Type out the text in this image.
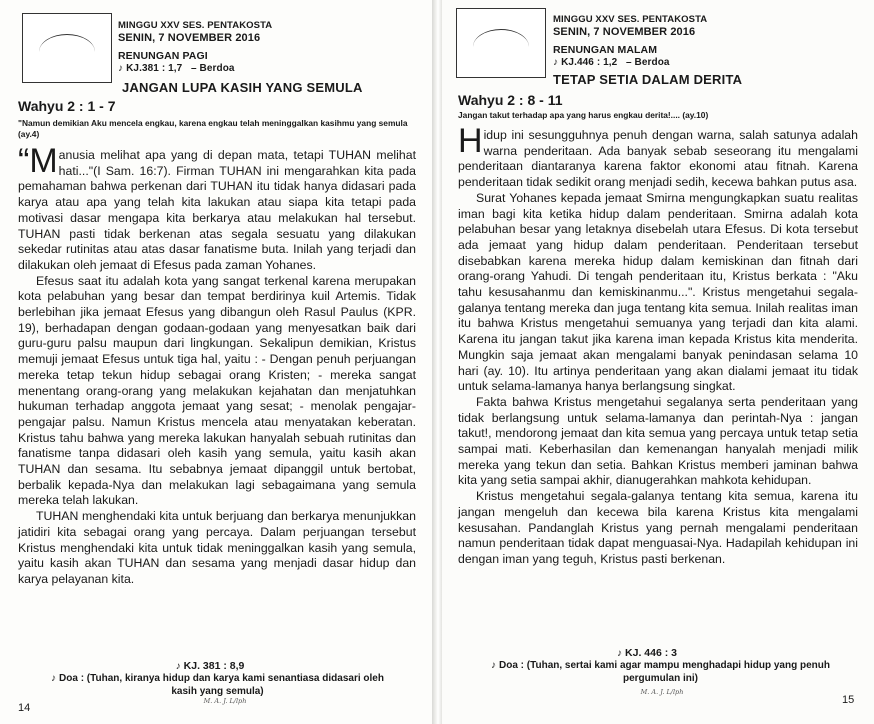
MINGGU XXV SES. PENTAKOSTA
SENIN, 7 NOVEMBER 2016
RENUNGAN PAGI
♪ KJ.381 : 1,7 – Berdoa
JANGAN LUPA KASIH YANG SEMULA
Wahyu 2 : 1 - 7
"Namun demikian Aku mencela engkau, karena engkau telah meninggalkan kasihmu yang semula (ay.4)

“Manusia melihat apa yang di depan mata, tetapi TUHAN melihat hati..."(I Sam. 16:7). Firman TUHAN ini mengarahkan kita pada pemahaman bahwa perkenan dari TUHAN itu tidak hanya didasari pada karya atau apa yang telah kita lakukan atau siapa kita tetapi pada motivasi dasar mengapa kita berkarya atau melakukan hal tersebut. TUHAN pasti tidak berkenan atas segala sesuatu yang dilakukan sekedar rutinitas atau atas dasar fanatisme buta. Inilah yang terjadi dan dilakukan oleh jemaat di Efesus pada zaman Yohanes.

Efesus saat itu adalah kota yang sangat terkenal karena merupakan kota pelabuhan yang besar dan tempat berdirinya kuil Artemis. Tidak berlebihan jika jemaat Efesus yang dibangun oleh Rasul Paulus (KPR. 19), berhadapan dengan godaan-godaan yang menyesatkan baik dari guru-guru palsu maupun dari lingkungan. Sekalipun demikian, Kristus memuji jemaat Efesus untuk tiga hal, yaitu : - Dengan penuh perjuangan mereka tetap tekun hidup sebagai orang Kristen; - mereka sangat menentang orang-orang yang melakukan kejahatan dan menjatuhkan hukuman terhadap anggota jemaat yang sesat; - menolak pengajar-pengajar palsu. Namun Kristus mencela atau menyatakan keberatan. Kristus tahu bahwa yang mereka lakukan hanyalah sebuah rutinitas dan fanatisme tanpa didasari oleh kasih yang semula, yaitu kasih akan TUHAN dan sesama. Itu sebabnya jemaat dipanggil untuk bertobat, berbalik kepada-Nya dan melakukan lagi sebagaimana yang semula mereka telah lakukan.

TUHAN menghendaki kita untuk berjuang dan berkarya menunjukkan jatidiri kita sebagai orang yang percaya. Dalam perjuangan tersebut Kristus menghendaki kita untuk tidak meninggalkan kasih yang semula, yaitu kasih akan TUHAN dan sesama yang menjadi dasar hidup dan karya pelayanan kita.

♪ KJ. 381 : 8,9
♪ Doa : (Tuhan, kiranya hidup dan karya kami senantiasa didasari oleh
kasih yang semula)
M. A. J. L/lph
14
MINGGU XXV SES. PENTAKOSTA
SENIN, 7 NOVEMBER 2016
RENUNGAN MALAM
♪ KJ.446 : 1,2 – Berdoa
TETAP SETIA DALAM DERITA
Wahyu 2 : 8 - 11
Jangan takut terhadap apa yang harus engkau derita!.... (ay.10)

Hidup ini sesungguhnya penuh dengan warna, salah satunya adalah warna penderitaan. Ada banyak sebab seseorang itu mengalami penderitaan diantaranya karena faktor ekonomi atau fitnah. Karena penderitaan tidak sedikit orang menjadi sedih, kecewa bahkan putus asa.

Surat Yohanes kepada jemaat Smirna mengungkapkan suatu realitas iman bagi kita ketika hidup dalam penderitaan. Smirna adalah kota pelabuhan besar yang letaknya disebelah utara Efesus. Di kota tersebut ada jemaat yang hidup dalam penderitaan. Penderitaan tersebut disebabkan karena mereka hidup dalam kemiskinan dan fitnah dari orang-orang Yahudi. Di tengah penderitaan itu, Kristus berkata : "Aku tahu kesusahanmu dan kemiskinanmu...". Kristus mengetahui segala-galanya tentang mereka dan juga tentang kita semua. Inilah realitas iman itu bahwa Kristus mengetahui semuanya yang terjadi dan kita alami. Karena itu jangan takut jika karena iman kepada Kristus kita menderita. Mungkin saja jemaat akan mengalami banyak penindasan selama 10 hari (ay. 10). Itu artinya penderitaan yang akan dialami jemaat itu tidak untuk selama-lamanya hanya berlangsung singkat.

Fakta bahwa Kristus mengetahui segalanya serta penderitaan yang tidak berlangsung untuk selama-lamanya dan perintah-Nya : jangan takut!, mendorong jemaat dan kita semua yang percaya untuk tetap setia sampai mati. Keberhasilan dan kemenangan hanyalah menjadi milik mereka yang tekun dan setia. Bahkan Kristus memberi jaminan bahwa kita yang setia sampai akhir, dianugerahkan mahkota kehidupan.

Kristus mengetahui segala-galanya tentang kita semua, karena itu jangan mengeluh dan kecewa bila karena Kristus kita mengalami kesusahan. Pandanglah Kristus yang pernah mengalami penderitaan namun penderitaan tidak dapat menguasai-Nya. Hadapilah kehidupan ini dengan iman yang teguh, Kristus pasti berkenan.

♪ KJ. 446 : 3
♪ Doa : (Tuhan, sertai kami agar mampu menghadapi hidup yang penuh
pergumulan ini)
M. A. J. L/lph
15
